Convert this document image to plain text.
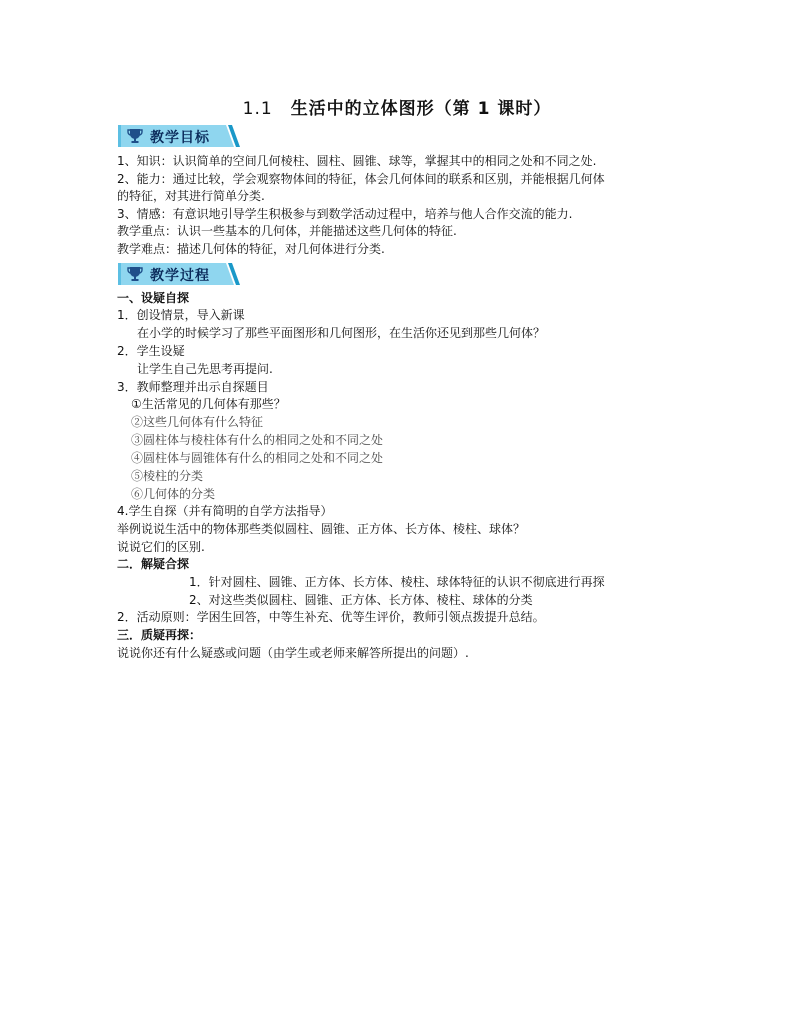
1.1 生活中的立体图形（第 1 课时）
教学目标
1、知识：认识简单的空间几何棱柱、圆柱、圆锥、球等，掌握其中的相同之处和不同之处.
2、能力：通过比较，学会观察物体间的特征，体会几何体间的联系和区别，并能根据几何体
的特征，对其进行简单分类.
3、情感：有意识地引导学生积极参与到数学活动过程中，培养与他人合作交流的能力.
教学重点：认识一些基本的几何体，并能描述这些几何体的特征.
教学难点：描述几何体的特征，对几何体进行分类.
教学过程
一、设疑自探
1．创设情景，导入新课
在小学的时候学习了那些平面图形和几何图形，在生活你还见到那些几何体？
2．学生设疑
让学生自己先思考再提问.
3．教师整理并出示自探题目
①生活常见的几何体有那些？
②这些几何体有什么特征
③圆柱体与棱柱体有什么的相同之处和不同之处
④圆柱体与圆锥体有什么的相同之处和不同之处
⑤棱柱的分类
⑥几何体的分类
4.学生自探（并有简明的自学方法指导）
举例说说生活中的物体那些类似圆柱、圆锥、正方体、长方体、棱柱、球体？
说说它们的区别.
二．解疑合探
1．针对圆柱、圆锥、正方体、长方体、棱柱、球体特征的认识不彻底进行再探
2、对这些类似圆柱、圆锥、正方体、长方体、棱柱、球体的分类
2．活动原则：学困生回答，中等生补充、优等生评价，教师引领点拨提升总结。
三．质疑再探：
说说你还有什么疑惑或问题（由学生或老师来解答所提出的问题）.
